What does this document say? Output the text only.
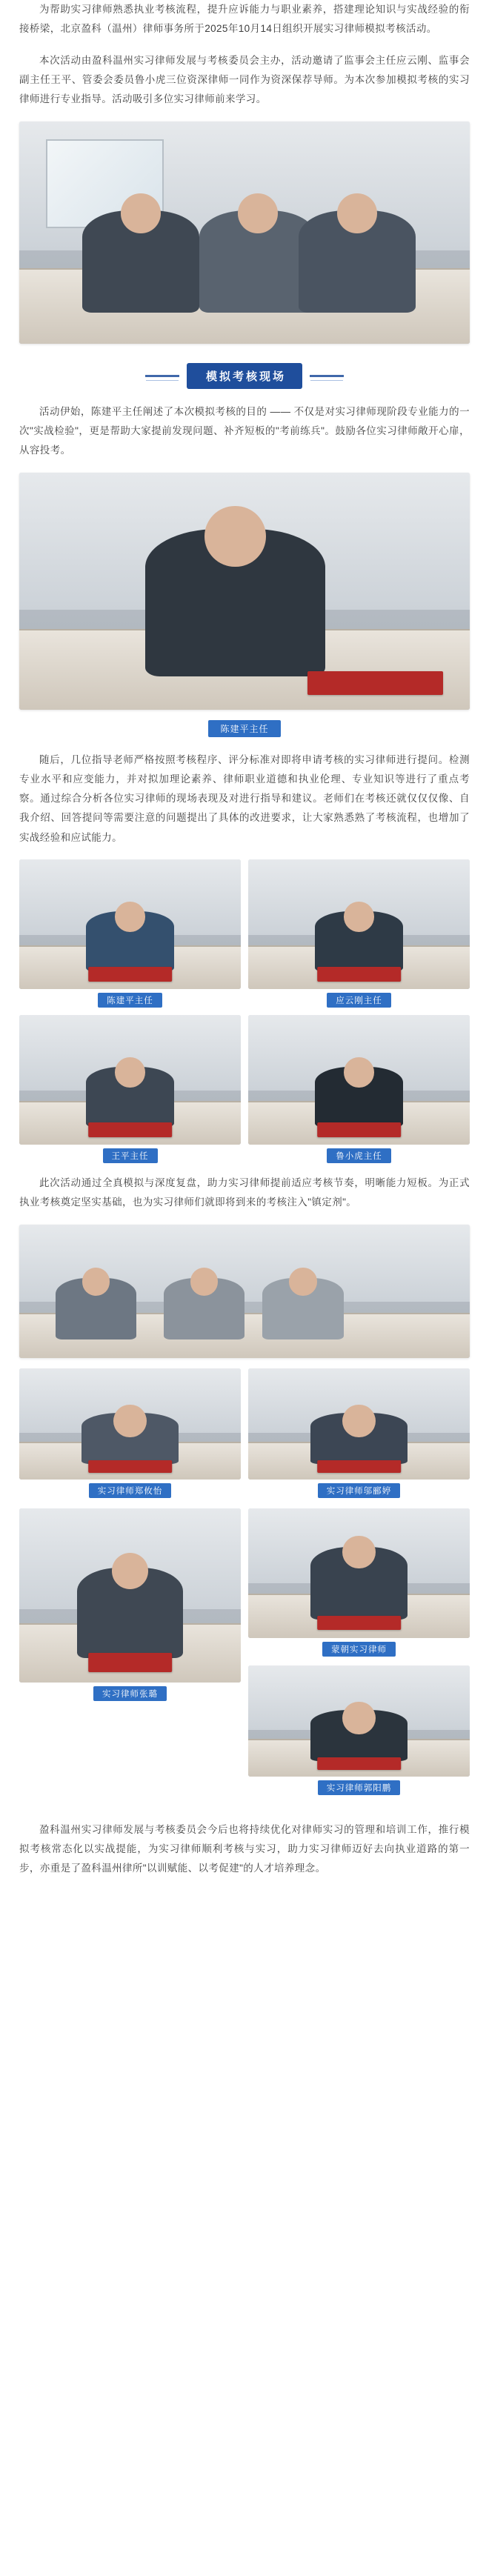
为帮助实习律师熟悉执业考核流程，提升应诉能力与职业素养，搭建理论知识与实战经验的衔接桥梁，北京盈科（温州）律师事务所于2025年10月14日组织开展实习律师模拟考核活动。

本次活动由盈科温州实习律师发展与考核委员会主办，活动邀请了监事会主任应云刚、监事会副主任王平、管委会委员鲁小虎三位资深律师一同作为资深保荐导师。为本次参加模拟考核的实习律师进行专业指导。活动吸引多位实习律师前来学习。

模拟考核现场

活动伊始，陈建平主任阐述了本次模拟考核的目的 —— 不仅是对实习律师现阶段专业能力的一次"实战检验"，更是帮助大家提前发现问题、补齐短板的"考前练兵"。鼓励各位实习律师敞开心扉，从容投考。

陈建平主任

随后，几位指导老师严格按照考核程序、评分标准对即将申请考核的实习律师进行提问。检测专业水平和应变能力，并对拟加理论素养、律师职业道德和执业伦理、专业知识等进行了重点考察。通过综合分析各位实习律师的现场表现及对进行指导和建议。老师们在考核还就仅仅仅像、自我介绍、回答提问等需要注意的问题提出了具体的改进要求，让大家熟悉熟了考核流程，也增加了实战经验和应试能力。

陈建平主任	应云刚主任
王平主任	鲁小虎主任

此次活动通过全真模拟与深度复盘，助力实习律师提前适应考核节奏，明晰能力短板。为正式执业考核奠定坚实基础，也为实习律师们就即将到来的考核注入"镇定剂"。

实习律师郑攸怡	实习律师邬郦婷
实习律师张璐
蒙朝实习律师
实习律师郭阳鹏

盈科温州实习律师发展与考核委员会今后也将持续优化对律师实习的管理和培训工作，推行模拟考核常态化以实战提能，为实习律师顺利考核与实习，助力实习律师迈好去向执业道路的第一步，亦重是了盈科温州律所"以训赋能、以考促建"的人才培养理念。
